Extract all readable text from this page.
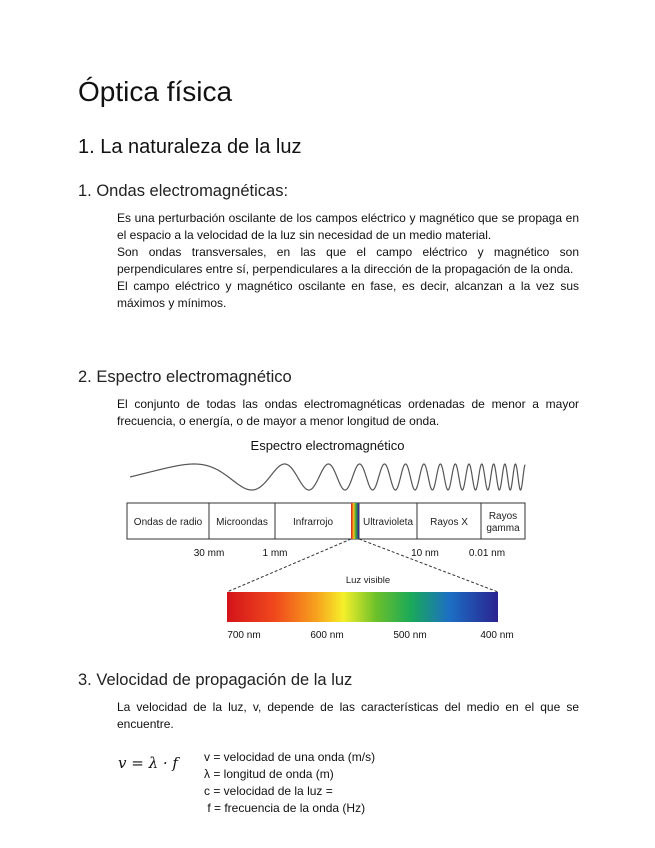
Óptica física
1. La naturaleza de la luz
1. Ondas electromagnéticas:

Es una perturbación oscilante de los campos eléctrico y magnético que se propaga en el espacio a la velocidad de la luz sin necesidad de un medio material.

Son ondas transversales, en las que el campo eléctrico y magnético son perpendiculares entre sí, perpendiculares a la dirección de la propagación de la onda.

El campo eléctrico y magnético oscilante en fase, es decir, alcanzan a la vez sus máximos y mínimos.

2. Espectro electromagnético
El conjunto de todas las ondas electromagnéticas ordenadas de menor a mayor frecuencia, o energía, o de mayor a menor longitud de onda.
Espectro electromagnético
Ondas de radio Microondas	Infrarrojo	Ultravioleta Rayos X
Rayos gamma
30 mm	1 mm	10 nm	0.01 nm
Luz visible
700 nm	600 nm	500 nm	400 nm
3. Velocidad de propagación de la luz
La velocidad de la luz, v, depende de las características del medio en el que se encuentre.
v = λ · f v = velocidad de una onda (m/s)
λ = longitud de onda (m)
c = velocidad de la luz =
f = frecuencia de la onda (Hz)
